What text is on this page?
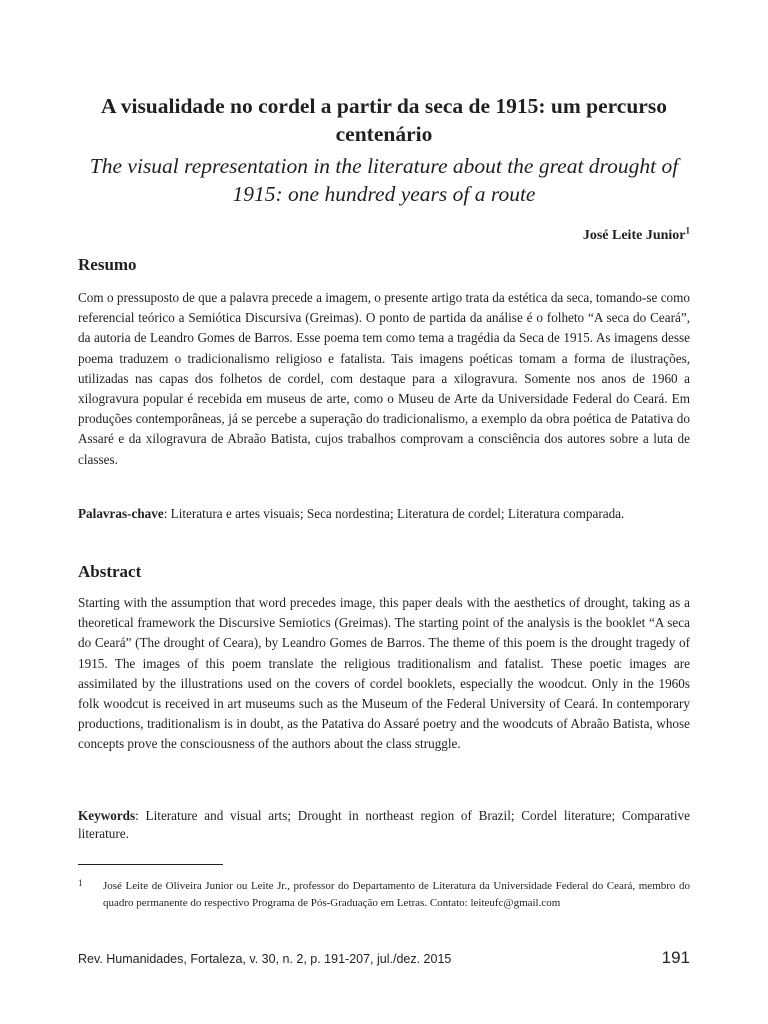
A visualidade no cordel a partir da seca de 1915: um percurso centenário
The visual representation in the literature about the great drought of 1915: one hundred years of a route
José Leite Junior$^1$
Resumo

Com o pressuposto de que a palavra precede a imagem, o presente artigo trata da estética da seca, tomando-se como referencial teórico a Semiótica Discursiva (Greimas). O ponto de partida da análise é o folheto “A seca do Ceará”, da autoria de Leandro Gomes de Barros. Esse poema tem como tema a tragédia da Seca de 1915. As imagens desse poema traduzem o tradicionalismo religioso e fatalista. Tais imagens poéticas tomam a forma de ilustrações, utilizadas nas capas dos folhetos de cordel, com destaque para a xilogravura. Somente nos anos de 1960 a xilogravura popular é recebida em museus de arte, como o Museu de Arte da Universidade Federal do Ceará. Em produções contemporâneas, já se percebe a superação do tradicionalismo, a exemplo da obra poética de Patativa do Assaré e da xilogravura de Abraão Batista, cujos trabalhos comprovam a consciência dos autores sobre a luta de classes.

Palavras-chave: Literatura e artes visuais; Seca nordestina; Literatura de cordel; Literatura comparada.

Abstract

Starting with the assumption that word precedes image, this paper deals with the aesthetics of drought, taking as a theoretical framework the Discursive Semiotics (Greimas). The starting point of the analysis is the booklet “A seca do Ceará” (The drought of Ceara), by Leandro Gomes de Barros. The theme of this poem is the drought tragedy of 1915. The images of this poem translate the religious traditionalism and fatalist. These poetic images are assimilated by the illustrations used on the covers of cordel booklets, especially the woodcut. Only in the 1960s folk woodcut is received in art museums such as the Museum of the Federal University of Ceará. In contemporary productions, traditionalism is in doubt, as the Patativa do Assaré poetry and the woodcuts of Abraão Batista, whose concepts prove the consciousness of the authors about the class struggle.

Keywords: Literature and visual arts; Drought in northeast region of Brazil; Cordel literature; Comparative literature.

1 José Leite de Oliveira Junior ou Leite Jr., professor do Departamento de Literatura da Universidade Federal do Ceará, membro do quadro permanente do respectivo Programa de Pós-Graduação em Letras. Contato: leiteufc@gmail.com
Rev. Humanidades, Fortaleza, v. 30, n. 2, p. 191-207, jul./dez. 2015	191
